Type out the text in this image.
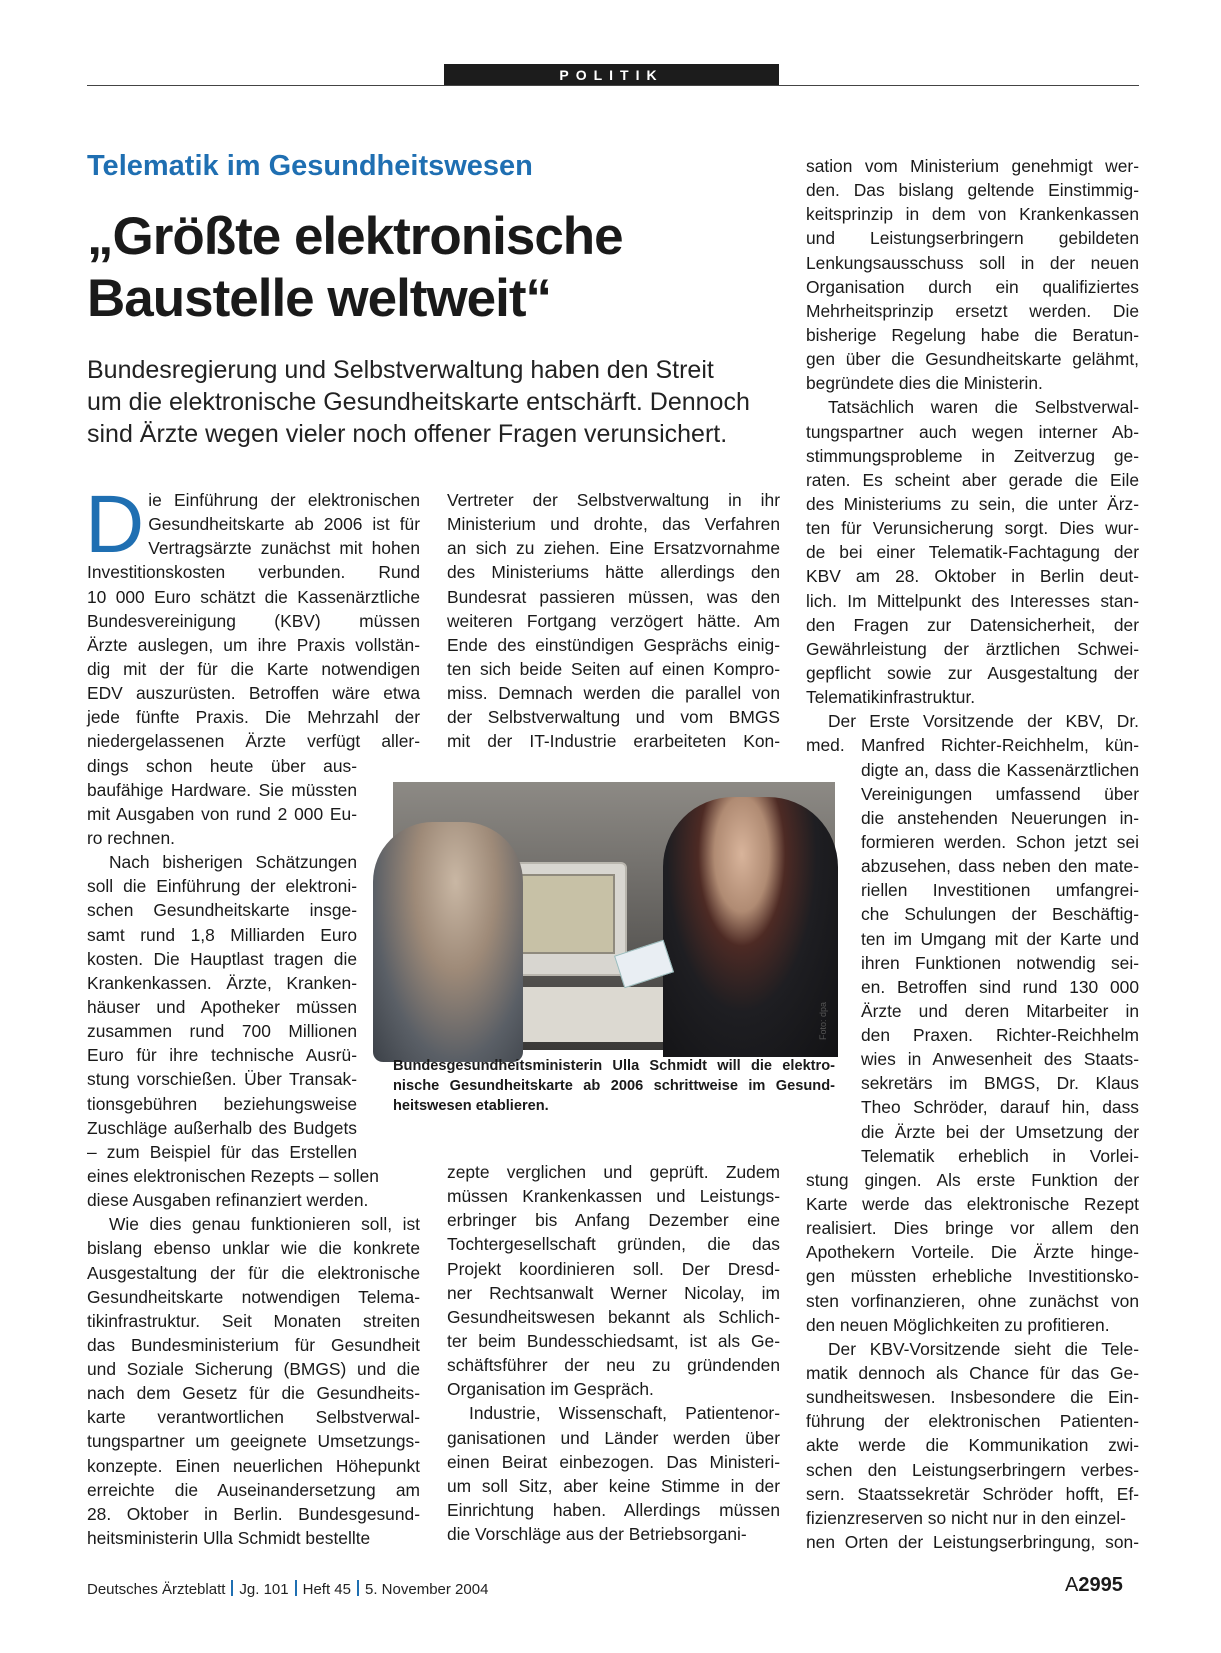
POLITIK
Telematik im Gesundheitswesen
„Größte elektronische
Baustelle weltweit“
Bundesregierung und Selbstverwaltung haben den Streit
um die elektronische Gesundheitskarte entschärft. Dennoch
sind Ärzte wegen vieler noch offener Fragen verunsichert.
D ie Einführung der elektronischen
Gesundheitskarte ab 2006 ist für
Vertragsärzte zunächst mit hohen
Investitionskosten verbunden. Rund
10 000 Euro schätzt die Kassenärztliche
Bundesvereinigung (KBV) müssen
Ärzte auslegen, um ihre Praxis vollstän-
dig mit der für die Karte notwendigen
EDV auszurüsten. Betroffen wäre etwa
jede fünfte Praxis. Die Mehrzahl der
niedergelassenen Ärzte verfügt aller-
dings schon heute über aus-
baufähige Hardware. Sie müssten
mit Ausgaben von rund 2 000 Eu-
ro rechnen.
Nach bisherigen Schätzungen
soll die Einführung der elektroni-
schen Gesundheitskarte insge-
samt rund 1,8 Milliarden Euro
kosten. Die Hauptlast tragen die
Krankenkassen. Ärzte, Kranken-
häuser und Apotheker müssen
zusammen rund 700 Millionen
Euro für ihre technische Ausrü-
stung vorschießen. Über Transak-
tionsgebühren beziehungsweise
Zuschläge außerhalb des Budgets
– zum Beispiel für das Erstellen
eines elektronischen Rezepts – sollen
diese Ausgaben refinanziert werden.
Wie dies genau funktionieren soll, ist
bislang ebenso unklar wie die konkrete
Ausgestaltung der für die elektronische
Gesundheitskarte notwendigen Telema-
tikinfrastruktur. Seit Monaten streiten
das Bundesministerium für Gesundheit
und Soziale Sicherung (BMGS) und die
nach dem Gesetz für die Gesundheits-
karte verantwortlichen Selbstverwal-
tungspartner um geeignete Umsetzungs-
konzepte. Einen neuerlichen Höhepunkt
erreichte die Auseinandersetzung am
28. Oktober in Berlin. Bundesgesund-
heitsministerin Ulla Schmidt bestellte
Vertreter der Selbstverwaltung in ihr
Ministerium und drohte, das Verfahren
an sich zu ziehen. Eine Ersatzvornahme
des Ministeriums hätte allerdings den
Bundesrat passieren müssen, was den
weiteren Fortgang verzögert hätte. Am
Ende des einstündigen Gesprächs einig-
ten sich beide Seiten auf einen Kompro-
miss. Demnach werden die parallel von
der Selbstverwaltung und vom BMGS
mit der IT-Industrie erarbeiteten Kon-
zepte verglichen und geprüft. Zudem
müssen Krankenkassen und Leistungs-
erbringer bis Anfang Dezember eine
Tochtergesellschaft gründen, die das
Projekt koordinieren soll. Der Dresd-
ner Rechtsanwalt Werner Nicolay, im
Gesundheitswesen bekannt als Schlich-
ter beim Bundesschiedsamt, ist als Ge-
schäftsführer der neu zu gründenden
Organisation im Gespräch.
Industrie, Wissenschaft, Patientenor-
ganisationen und Länder werden über
einen Beirat einbezogen. Das Ministeri-
um soll Sitz, aber keine Stimme in der
Einrichtung haben. Allerdings müssen
die Vorschläge aus der Betriebsorgani-
sation vom Ministerium genehmigt wer-
den. Das bislang geltende Einstimmig-
keitsprinzip in dem von Krankenkassen
und Leistungserbringern gebildeten
Lenkungsausschuss soll in der neuen
Organisation durch ein qualifiziertes
Mehrheitsprinzip ersetzt werden. Die
bisherige Regelung habe die Beratun-
gen über die Gesundheitskarte gelähmt,
begründete dies die Ministerin.
Tatsächlich waren die Selbstverwal-
tungspartner auch wegen interner Ab-
stimmungsprobleme in Zeitverzug ge-
raten. Es scheint aber gerade die Eile
des Ministeriums zu sein, die unter Ärz-
ten für Verunsicherung sorgt. Dies wur-
de bei einer Telematik-Fachtagung der
KBV am 28. Oktober in Berlin deut-
lich. Im Mittelpunkt des Interesses stan-
den Fragen zur Datensicherheit, der
Gewährleistung der ärztlichen Schwei-
gepflicht sowie zur Ausgestaltung der
Telematikinfrastruktur.
Der Erste Vorsitzende der KBV, Dr.
med. Manfred Richter-Reichhelm, kün-
digte an, dass die Kassenärztlichen
Vereinigungen umfassend über
die anstehenden Neuerungen in-
formieren werden. Schon jetzt sei
abzusehen, dass neben den mate-
riellen Investitionen umfangrei-
che Schulungen der Beschäftig-
ten im Umgang mit der Karte und
ihren Funktionen notwendig sei-
en. Betroffen sind rund 130 000
Ärzte und deren Mitarbeiter in
den Praxen. Richter-Reichhelm
wies in Anwesenheit des Staats-
sekretärs im BMGS, Dr. Klaus
Theo Schröder, darauf hin, dass
die Ärzte bei der Umsetzung der
Telematik erheblich in Vorlei-
stung gingen. Als erste Funktion der
Karte werde das elektronische Rezept
realisiert. Dies bringe vor allem den
Apothekern Vorteile. Die Ärzte hinge-
gen müssten erhebliche Investitionsko-
sten vorfinanzieren, ohne zunächst von
den neuen Möglichkeiten zu profitieren.
Der KBV-Vorsitzende sieht die Tele-
matik dennoch als Chance für das Ge-
sundheitswesen. Insbesondere die Ein-
führung der elektronischen Patienten-
akte werde die Kommunikation zwi-
schen den Leistungserbringern verbes-
sern. Staatssekretär Schröder hofft, Ef-
fizienzreserven so nicht nur in den einzel-
nen Orten der Leistungserbringung, son-
Foto: dpa
Bundesgesundheitsministerin Ulla Schmidt will die elektro-
nische Gesundheitskarte ab 2006 schrittweise im Gesund-
heitswesen etablieren.
Deutsches Ärzteblatt Jg. 101 Heft 45 5. November 2004	A2995
